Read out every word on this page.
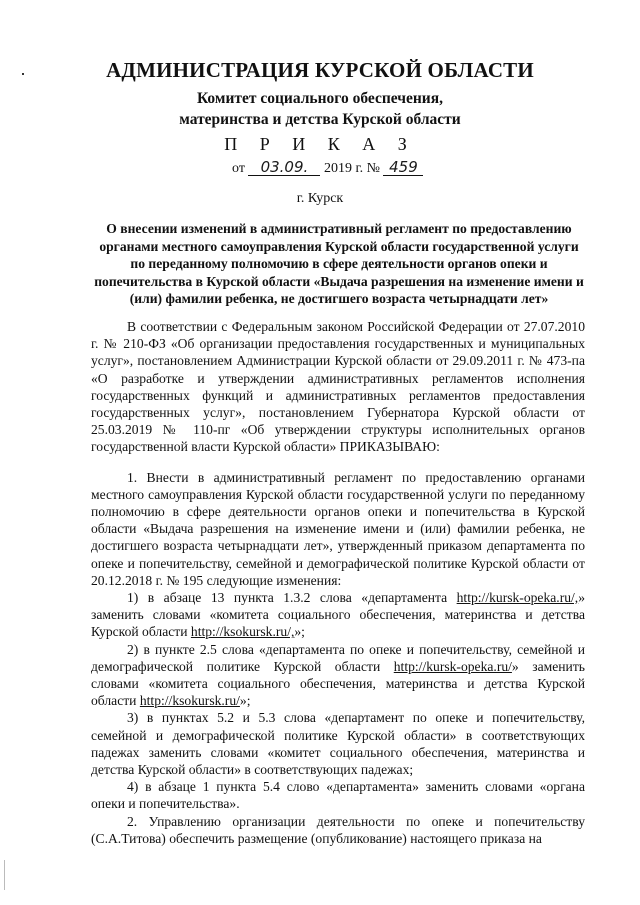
АДМИНИСТРАЦИЯ КУРСКОЙ ОБЛАСТИ
Комитет социального обеспечения,
материнства и детства Курской области
П Р И К А З
от 03.09. 2019 г. № 459
г. Курск
О внесении изменений в административный регламент по предоставлению органами местного самоуправления Курской области государственной услуги по переданному полномочию в сфере деятельности органов опеки и попечительства в Курской области «Выдача разрешения на изменение имени и (или) фамилии ребенка, не достигшего возраста четырнадцати лет»

В соответствии с Федеральным законом Российской Федерации от 27.07.2010 г. № 210-ФЗ «Об организации предоставления государственных и муниципальных услуг», постановлением Администрации Курской области от 29.09.2011 г. № 473-па «О разработке и утверждении административных регламентов исполнения государственных функций и административных регламентов предоставления государственных услуг», постановлением Губернатора Курской области от 25.03.2019 № 110-пг «Об утверждении структуры исполнительных органов государственной власти Курской области» ПРИКАЗЫВАЮ:

1. Внести в административный регламент по предоставлению органами местного самоуправления Курской области государственной услуги по переданному полномочию в сфере деятельности органов опеки и попечительства в Курской области «Выдача разрешения на изменение имени и (или) фамилии ребенка, не достигшего возраста четырнадцати лет», утвержденный приказом департамента по опеке и попечительству, семейной и демографической политике Курской области от 20.12.2018 г. № 195 следующие изменения:

1) в абзаце 13 пункта 1.3.2 слова «департамента http://kursk-opeka.ru/,» заменить словами «комитета социального обеспечения, материнства и детства Курской области http://ksokursk.ru/,»;

2) в пункте 2.5 слова «департамента по опеке и попечительству, семейной и демографической политике Курской области http://kursk-opeka.ru/» заменить словами «комитета социального обеспечения, материнства и детства Курской области http://ksokursk.ru/»;

3) в пунктах 5.2 и 5.3 слова «департамент по опеке и попечительству, семейной и демографической политике Курской области» в соответствующих падежах заменить словами «комитет социального обеспечения, материнства и детства Курской области» в соответствующих падежах;

4) в абзаце 1 пункта 5.4 слово «департамента» заменить словами «органа опеки и попечительства».

2. Управлению организации деятельности по опеке и попечительству (С.А.Титова) обеспечить размещение (опубликование) настоящего приказа на
